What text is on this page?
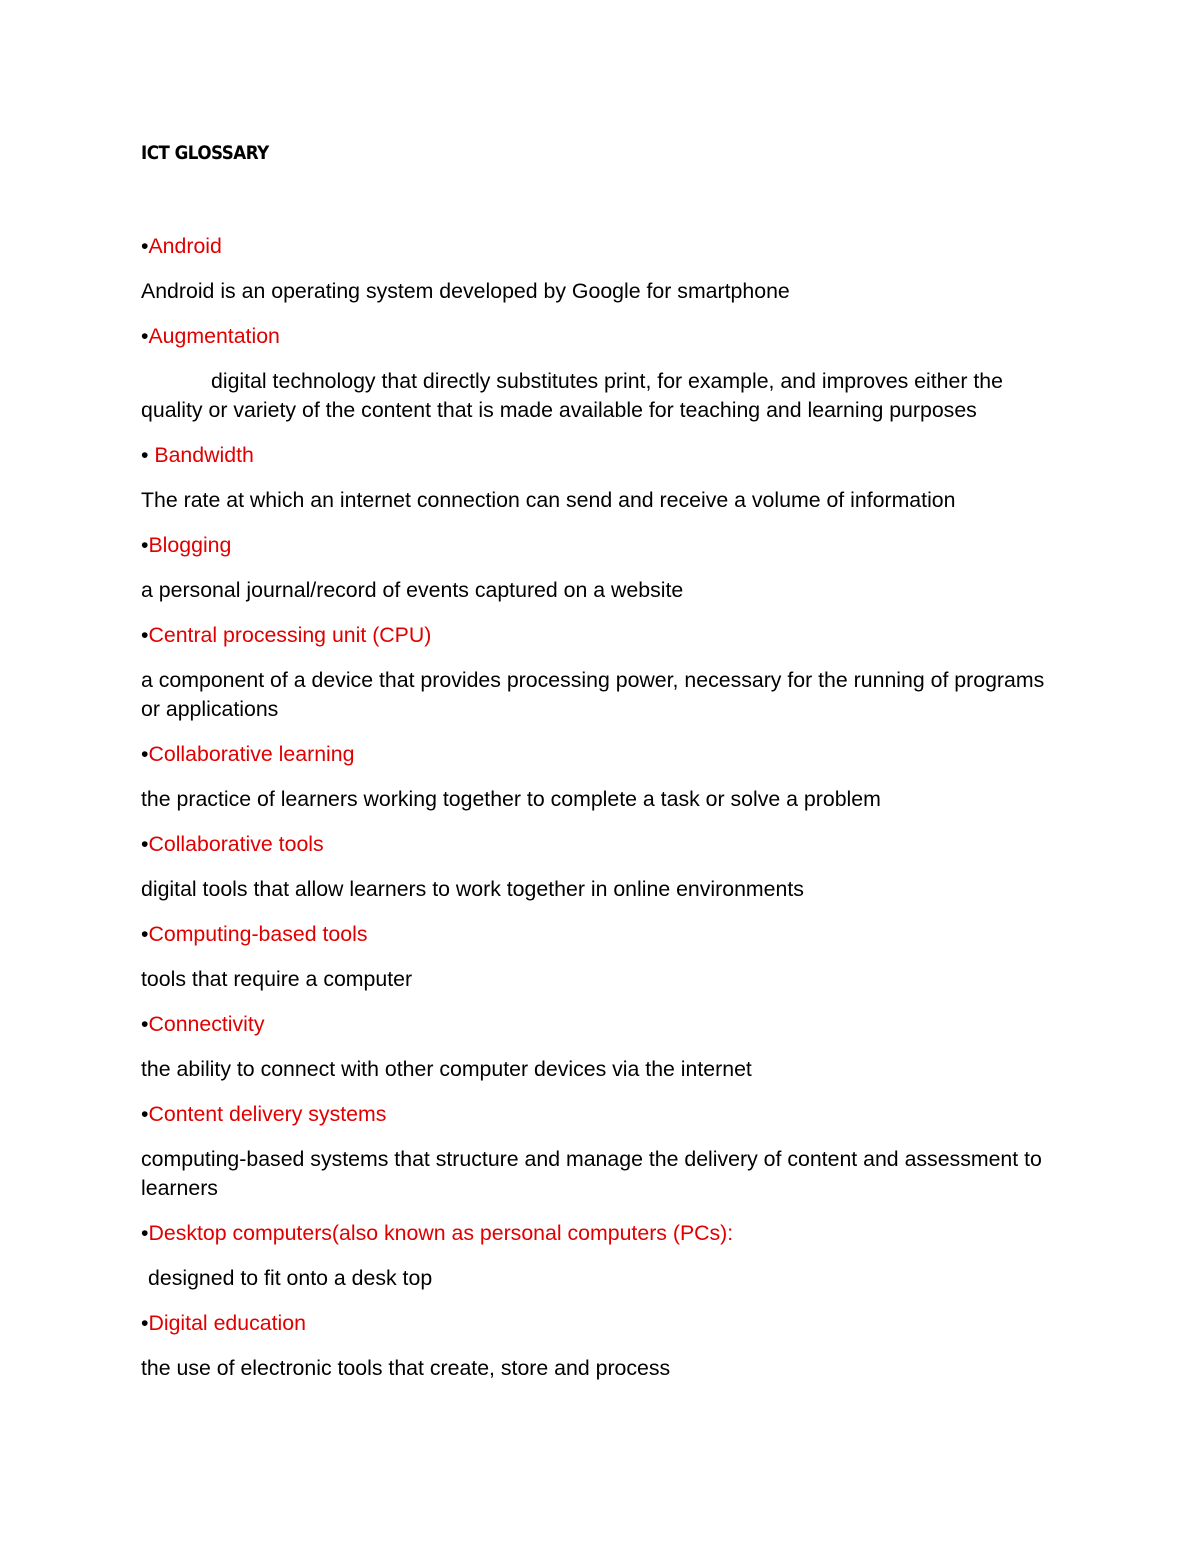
ICT GLOSSARY

•Android

Android is an operating system developed by Google for smartphone

•Augmentation

digital technology that directly substitutes print, for example, and improves either the quality or variety of the content that is made available for teaching and learning purposes

• Bandwidth

The rate at which an internet connection can send and receive a volume of information

•Blogging

a personal journal/record of events captured on a website

•Central processing unit (CPU)

a component of a device that provides processing power, necessary for the running of programs or applications

•Collaborative learning

the practice of learners working together to complete a task or solve a problem

•Collaborative tools

digital tools that allow learners to work together in online environments

•Computing-based tools

tools that require a computer

•Connectivity

the ability to connect with other computer devices via the internet

•Content delivery systems

computing-based systems that structure and manage the delivery of content and assessment to learners

•Desktop computers(also known as personal computers (PCs):

designed to fit onto a desk top

•Digital education

the use of electronic tools that create, store and process
